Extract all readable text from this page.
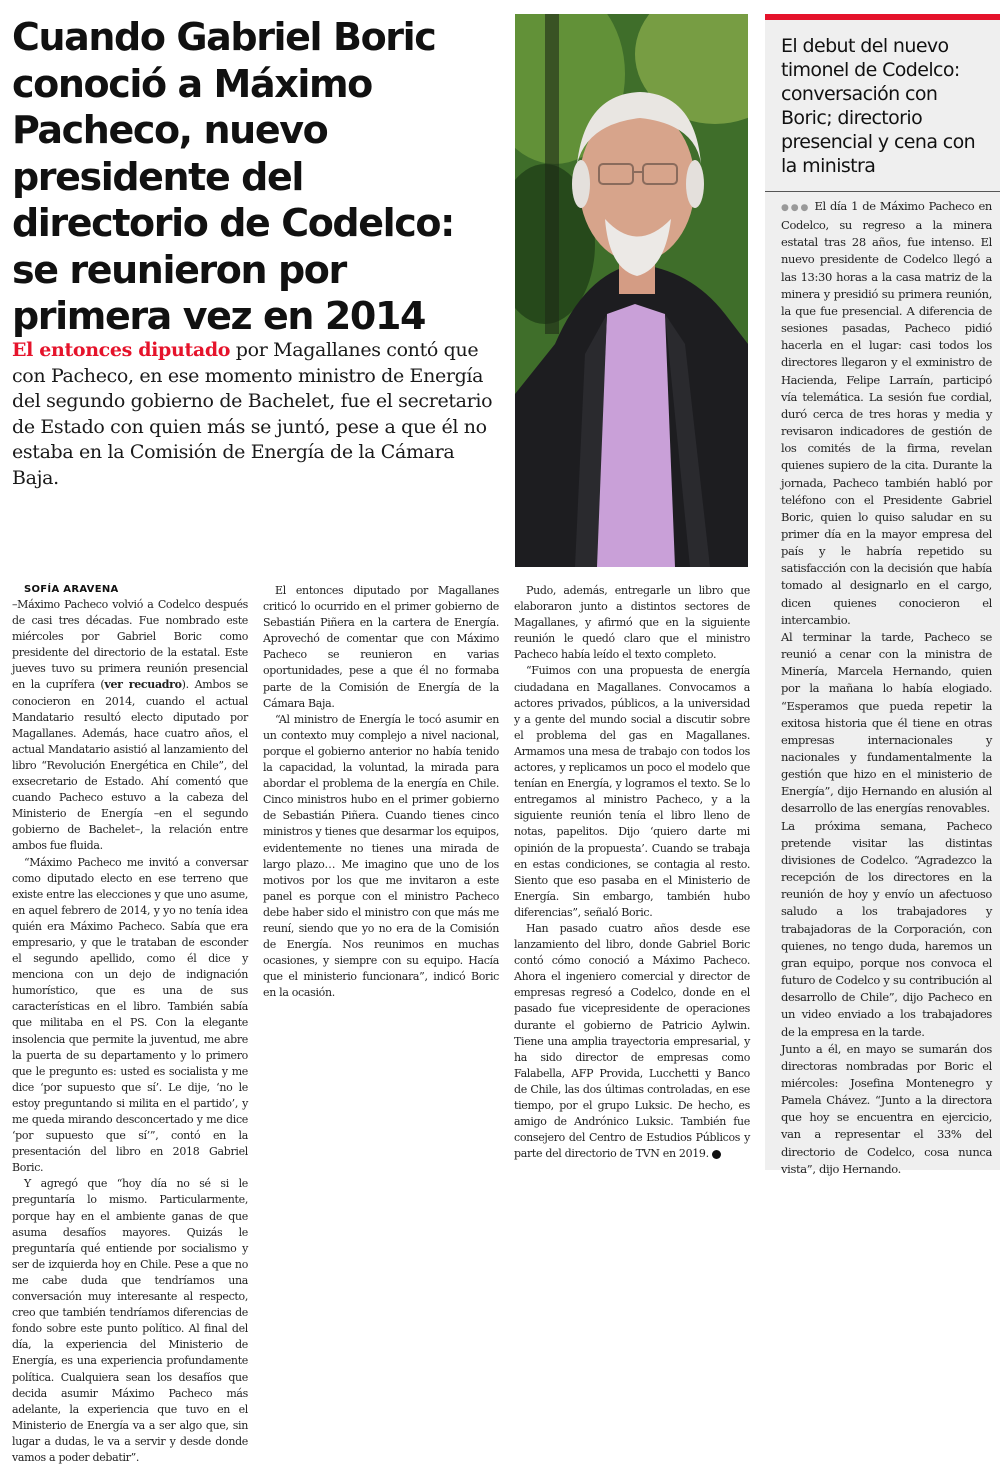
Cuando Gabriel Boric conoció a Máximo Pacheco, nuevo presidente del directorio de Codelco: se reunieron por primera vez en 2014

El entonces diputado por Magallanes contó que con Pacheco, en ese momento ministro de Energía del segundo gobierno de Bachelet, fue el secretario de Estado con quien más se juntó, pese a que él no estaba en la Comisión de Energía de la Cámara Baja.

SOFÍA ARAVENA

–Máximo Pacheco volvió a Codelco después de casi tres décadas. Fue nombrado este miércoles por Gabriel Boric como presidente del directorio de la estatal. Este jueves tuvo su primera reunión presencial en la cuprífera (ver recuadro). Ambos se conocieron en 2014, cuando el actual Mandatario resultó electo diputado por Magallanes. Además, hace cuatro años, el actual Mandatario asistió al lanzamiento del libro “Revolución Energética en Chile”, del exsecretario de Estado. Ahí comentó que cuando Pacheco estuvo a la cabeza del Ministerio de Energía –en el segundo gobierno de Bachelet–, la relación entre ambos fue fluida.

“Máximo Pacheco me invitó a conversar como diputado electo en ese terreno que existe entre las elecciones y que uno asume, en aquel febrero de 2014, y yo no tenía idea quién era Máximo Pacheco. Sabía que era empresario, y que le trataban de esconder el segundo apellido, como él dice y menciona con un dejo de indignación humorístico, que es una de sus características en el libro. También sabía que militaba en el PS. Con la elegante insolencia que permite la juventud, me abre la puerta de su departamento y lo primero que le pregunto es: usted es socialista y me dice ‘por supuesto que sí’. Le dije, ‘no le estoy preguntando si milita en el partido’, y me queda mirando desconcertado y me dice ‘por supuesto que sí’”, contó en la presentación del libro en 2018 Gabriel Boric.

Y agregó que “hoy día no sé si le preguntaría lo mismo. Particularmente, porque hay en el ambiente ganas de que asuma desafíos mayores. Quizás le preguntaría qué entiende por socialismo y ser de izquierda hoy en Chile. Pese a que no me cabe duda que tendríamos una conversación muy interesante al respecto, creo que también tendríamos diferencias de fondo sobre este punto político. Al final del día, la experiencia del Ministerio de Energía, es una experiencia profundamente política. Cualquiera sean los desafíos que decida asumir Máximo Pacheco más adelante, la experiencia que tuvo en el Ministerio de Energía va a ser algo que, sin lugar a dudas, le va a servir y desde donde vamos a poder debatir”.

El entonces diputado por Magallanes criticó lo ocurrido en el primer gobierno de Sebastián Piñera en la cartera de Energía. Aprovechó de comentar que con Máximo Pacheco se reunieron en varias oportunidades, pese a que él no formaba parte de la Comisión de Energía de la Cámara Baja.

“Al ministro de Energía le tocó asumir en un contexto muy complejo a nivel nacional, porque el gobierno anterior no había tenido la capacidad, la voluntad, la mirada para abordar el problema de la energía en Chile. Cinco ministros hubo en el primer gobierno de Sebastián Piñera. Cuando tienes cinco ministros y tienes que desarmar los equipos, evidentemente no tienes una mirada de largo plazo… Me imagino que uno de los motivos por los que me invitaron a este panel es porque con el ministro Pacheco debe haber sido el ministro con que más me reuní, siendo que yo no era de la Comisión de Energía. Nos reunimos en muchas ocasiones, y siempre con su equipo. Hacía que el ministerio funcionara”, indicó Boric en la ocasión.

Pudo, además, entregarle un libro que elaboraron junto a distintos sectores de Magallanes, y afirmó que en la siguiente reunión le quedó claro que el ministro Pacheco había leído el texto completo.

“Fuimos con una propuesta de energía ciudadana en Magallanes. Convocamos a actores privados, públicos, a la universidad y a gente del mundo social a discutir sobre el problema del gas en Magallanes. Armamos una mesa de trabajo con todos los actores, y replicamos un poco el modelo que tenían en Energía, y logramos el texto. Se lo entregamos al ministro Pacheco, y a la siguiente reunión tenía el libro lleno de notas, papelitos. Dijo ‘quiero darte mi opinión de la propuesta’. Cuando se trabaja en estas condiciones, se contagia al resto. Siento que eso pasaba en el Ministerio de Energía. Sin embargo, también hubo diferencias”, señaló Boric.

Han pasado cuatro años desde ese lanzamiento del libro, donde Gabriel Boric contó cómo conoció a Máximo Pacheco. Ahora el ingeniero comercial y director de empresas regresó a Codelco, donde en el pasado fue vicepresidente de operaciones durante el gobierno de Patricio Aylwin. Tiene una amplia trayectoria empresarial, y ha sido director de empresas como Falabella, AFP Provida, Lucchetti y Banco de Chile, las dos últimas controladas, en ese tiempo, por el grupo Luksic. De hecho, es amigo de Andrónico Luksic. También fue consejero del Centro de Estudios Públicos y parte del directorio de TVN en 2019.	P

El debut del nuevo timonel de Codelco: conversación con Boric; directorio presencial y cena con la ministra

●●● El día 1 de Máximo Pacheco en Codelco, su regreso a la minera estatal tras 28 años, fue intenso. El nuevo presidente de Codelco llegó a las 13:30 horas a la casa matriz de la minera y presidió su primera reunión, la que fue presencial. A diferencia de sesiones pasadas, Pacheco pidió hacerla en el lugar: casi todos los directores llegaron y el exministro de Hacienda, Felipe Larraín, participó vía telemática. La sesión fue cordial, duró cerca de tres horas y media y revisaron indicadores de gestión de los comités de la firma, revelan quienes supiero de la cita. Durante la jornada, Pacheco también habló por teléfono con el Presidente Gabriel Boric, quien lo quiso saludar en su primer día en la mayor empresa del país y le habría repetido su satisfacción con la decisión que había tomado al designarlo en el cargo, dicen quienes conocieron el intercambio.

Al terminar la tarde, Pacheco se reunió a cenar con la ministra de Minería, Marcela Hernando, quien por la mañana lo había elogiado. “Esperamos que pueda repetir la exitosa historia que él tiene en otras empresas internacionales y nacionales y fundamentalmente la gestión que hizo en el ministerio de Energía”, dijo Hernando en alusión al desarrollo de las energías renovables.

La próxima semana, Pacheco pretende visitar las distintas divisiones de Codelco. “Agradezco la recepción de los directores en la reunión de hoy y envío un afectuoso saludo a los trabajadores y trabajadoras de la Corporación, con quienes, no tengo duda, haremos un gran equipo, porque nos convoca el futuro de Codelco y su contribución al desarrollo de Chile”, dijo Pacheco en un video enviado a los trabajadores de la empresa en la tarde.

Junto a él, en mayo se sumarán dos directoras nombradas por Boric el miércoles: Josefina Montenegro y Pamela Chávez. “Junto a la directora que hoy se encuentra en ejercicio, van a representar el 33% del directorio de Codelco, cosa nunca vista”, dijo Hernando.
